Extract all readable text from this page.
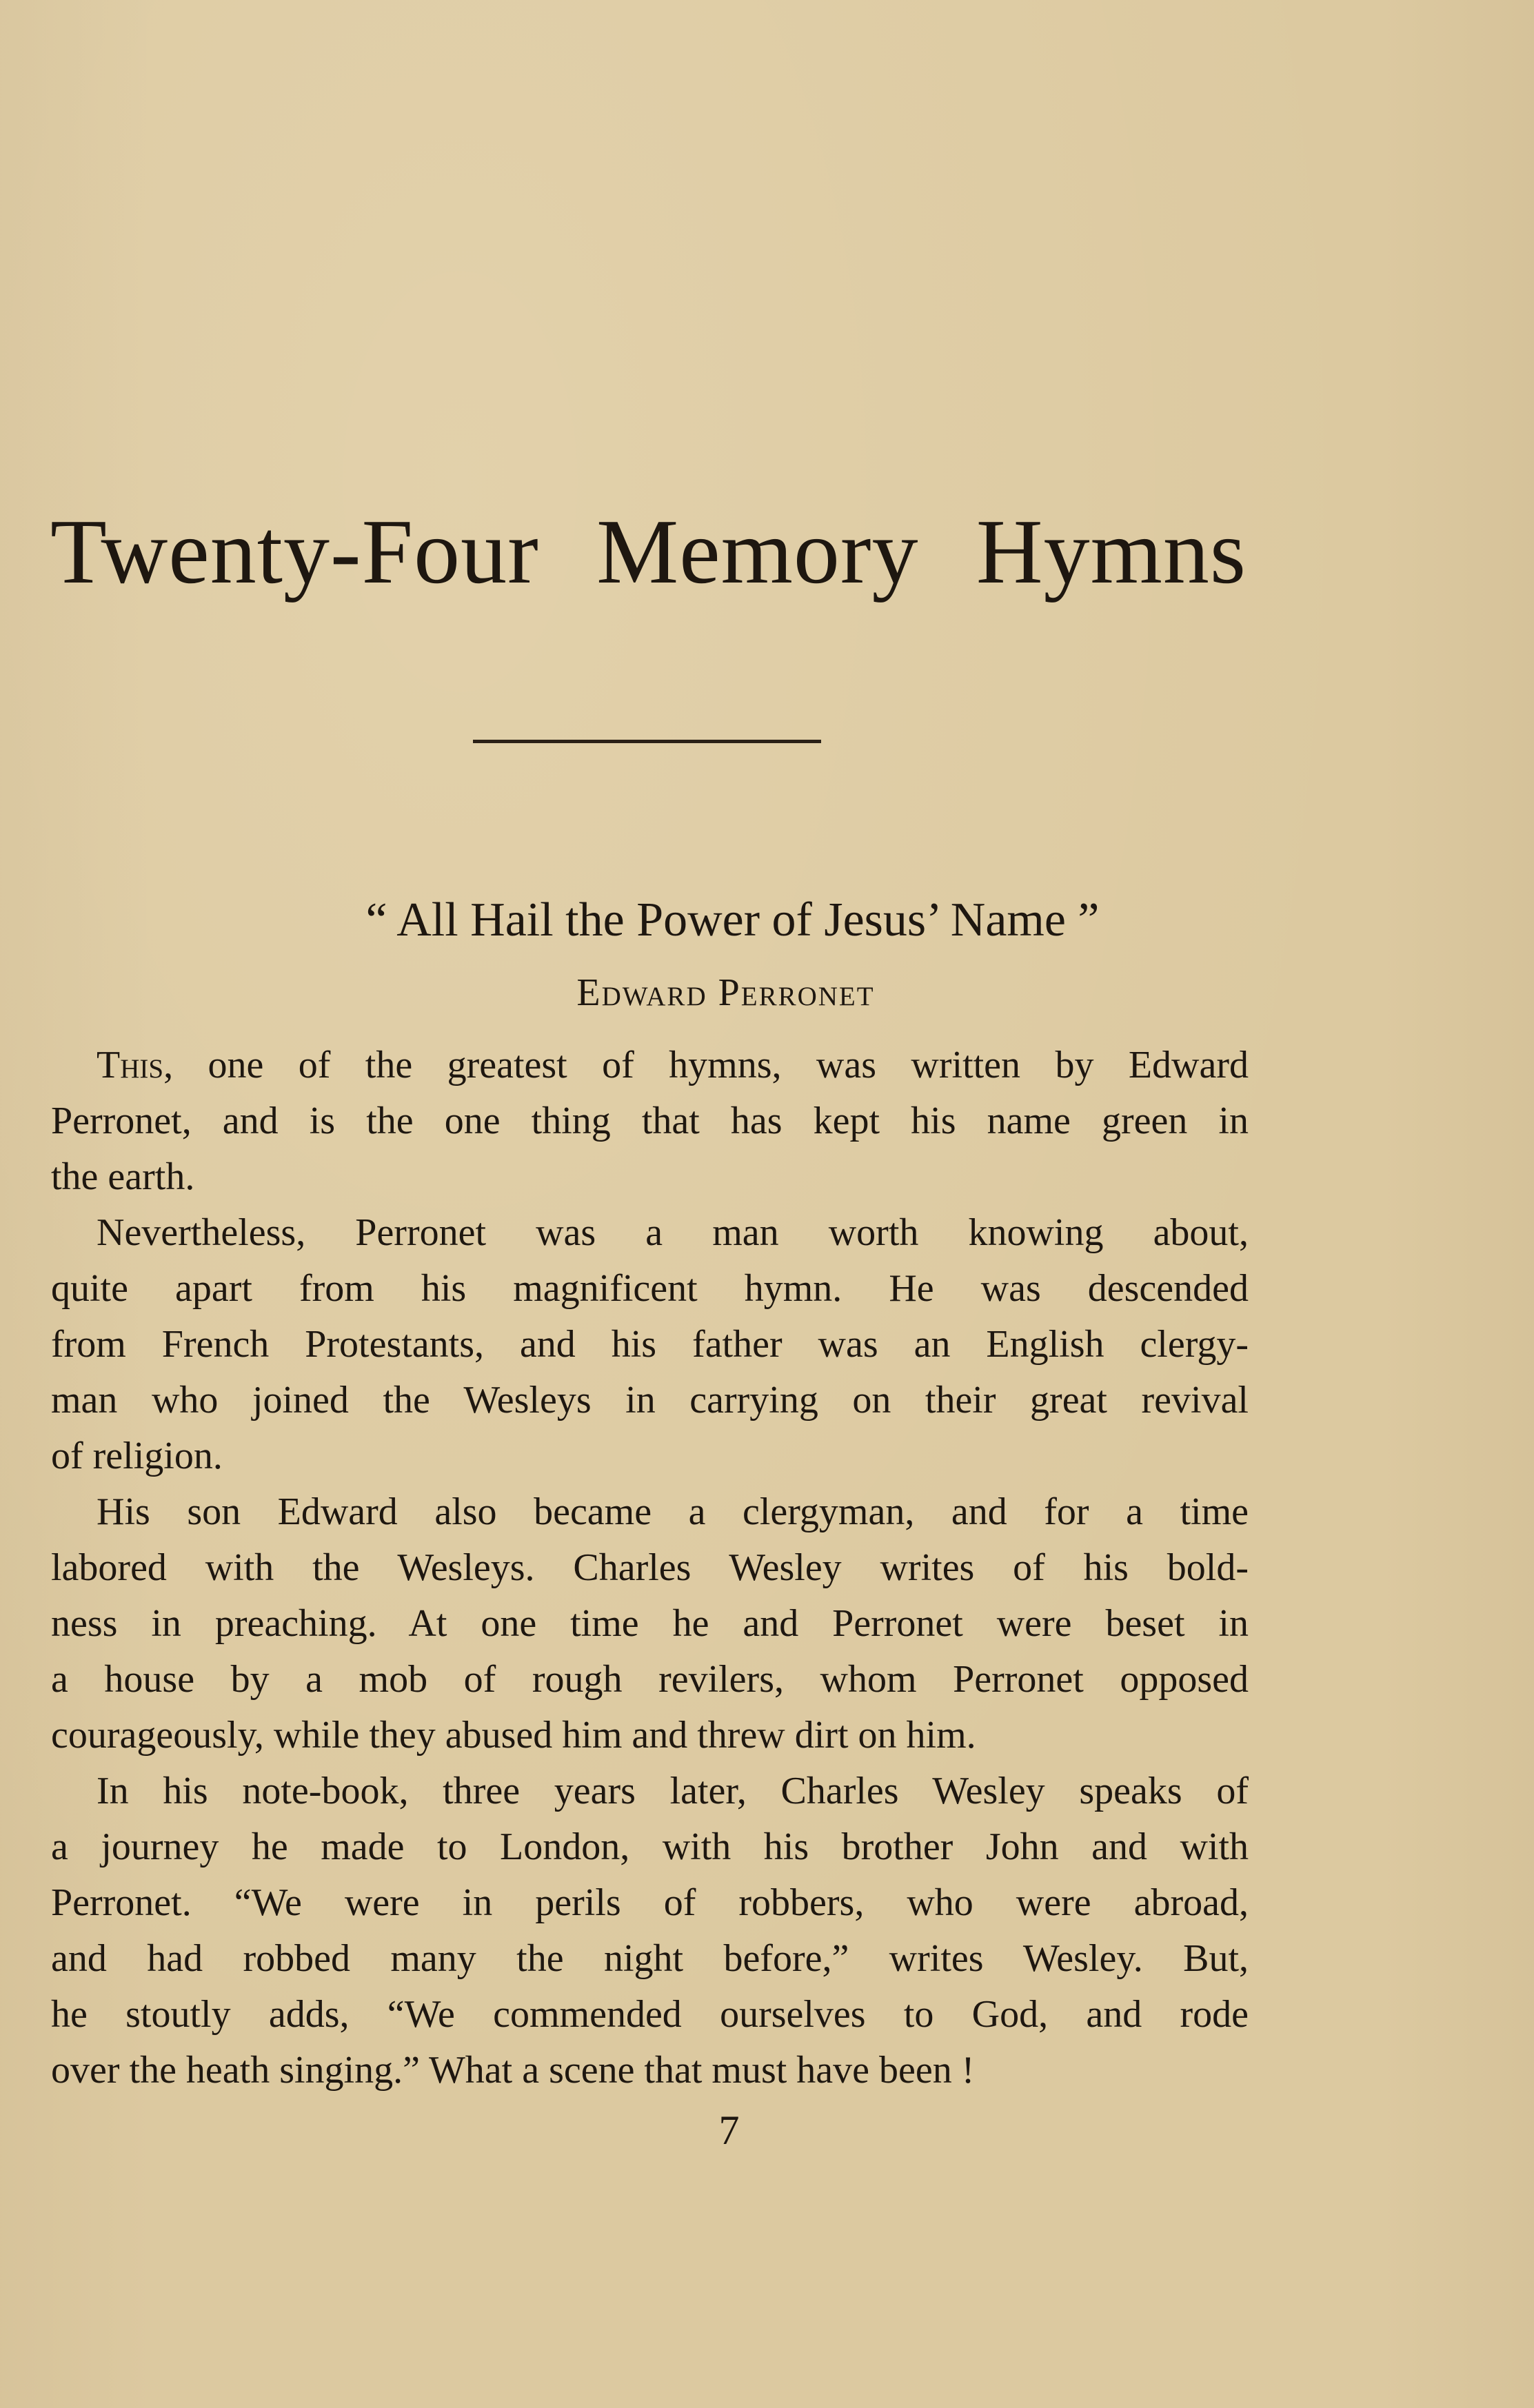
Twenty-Four Memory Hymns
“ All Hail the Power of Jesus’ Name ”
Edward Perronet
This, one of the greatest of hymns, was written by Edward
Perronet, and is the one thing that has kept his name green in
the earth.
Nevertheless, Perronet was a man worth knowing about,
quite apart from his magnificent hymn. He was descended
from French Protestants, and his father was an English clergy-
man who joined the Wesleys in carrying on their great revival
of religion.
His son Edward also became a clergyman, and for a time
labored with the Wesleys. Charles Wesley writes of his bold-
ness in preaching. At one time he and Perronet were beset in
a house by a mob of rough revilers, whom Perronet opposed
courageously, while they abused him and threw dirt on him.
In his note-book, three years later, Charles Wesley speaks of
a journey he made to London, with his brother John and with
Perronet. “We were in perils of robbers, who were abroad,
and had robbed many the night before,” writes Wesley. But,
he stoutly adds, “We commended ourselves to God, and rode
over the heath singing.” What a scene that must have been !
7
